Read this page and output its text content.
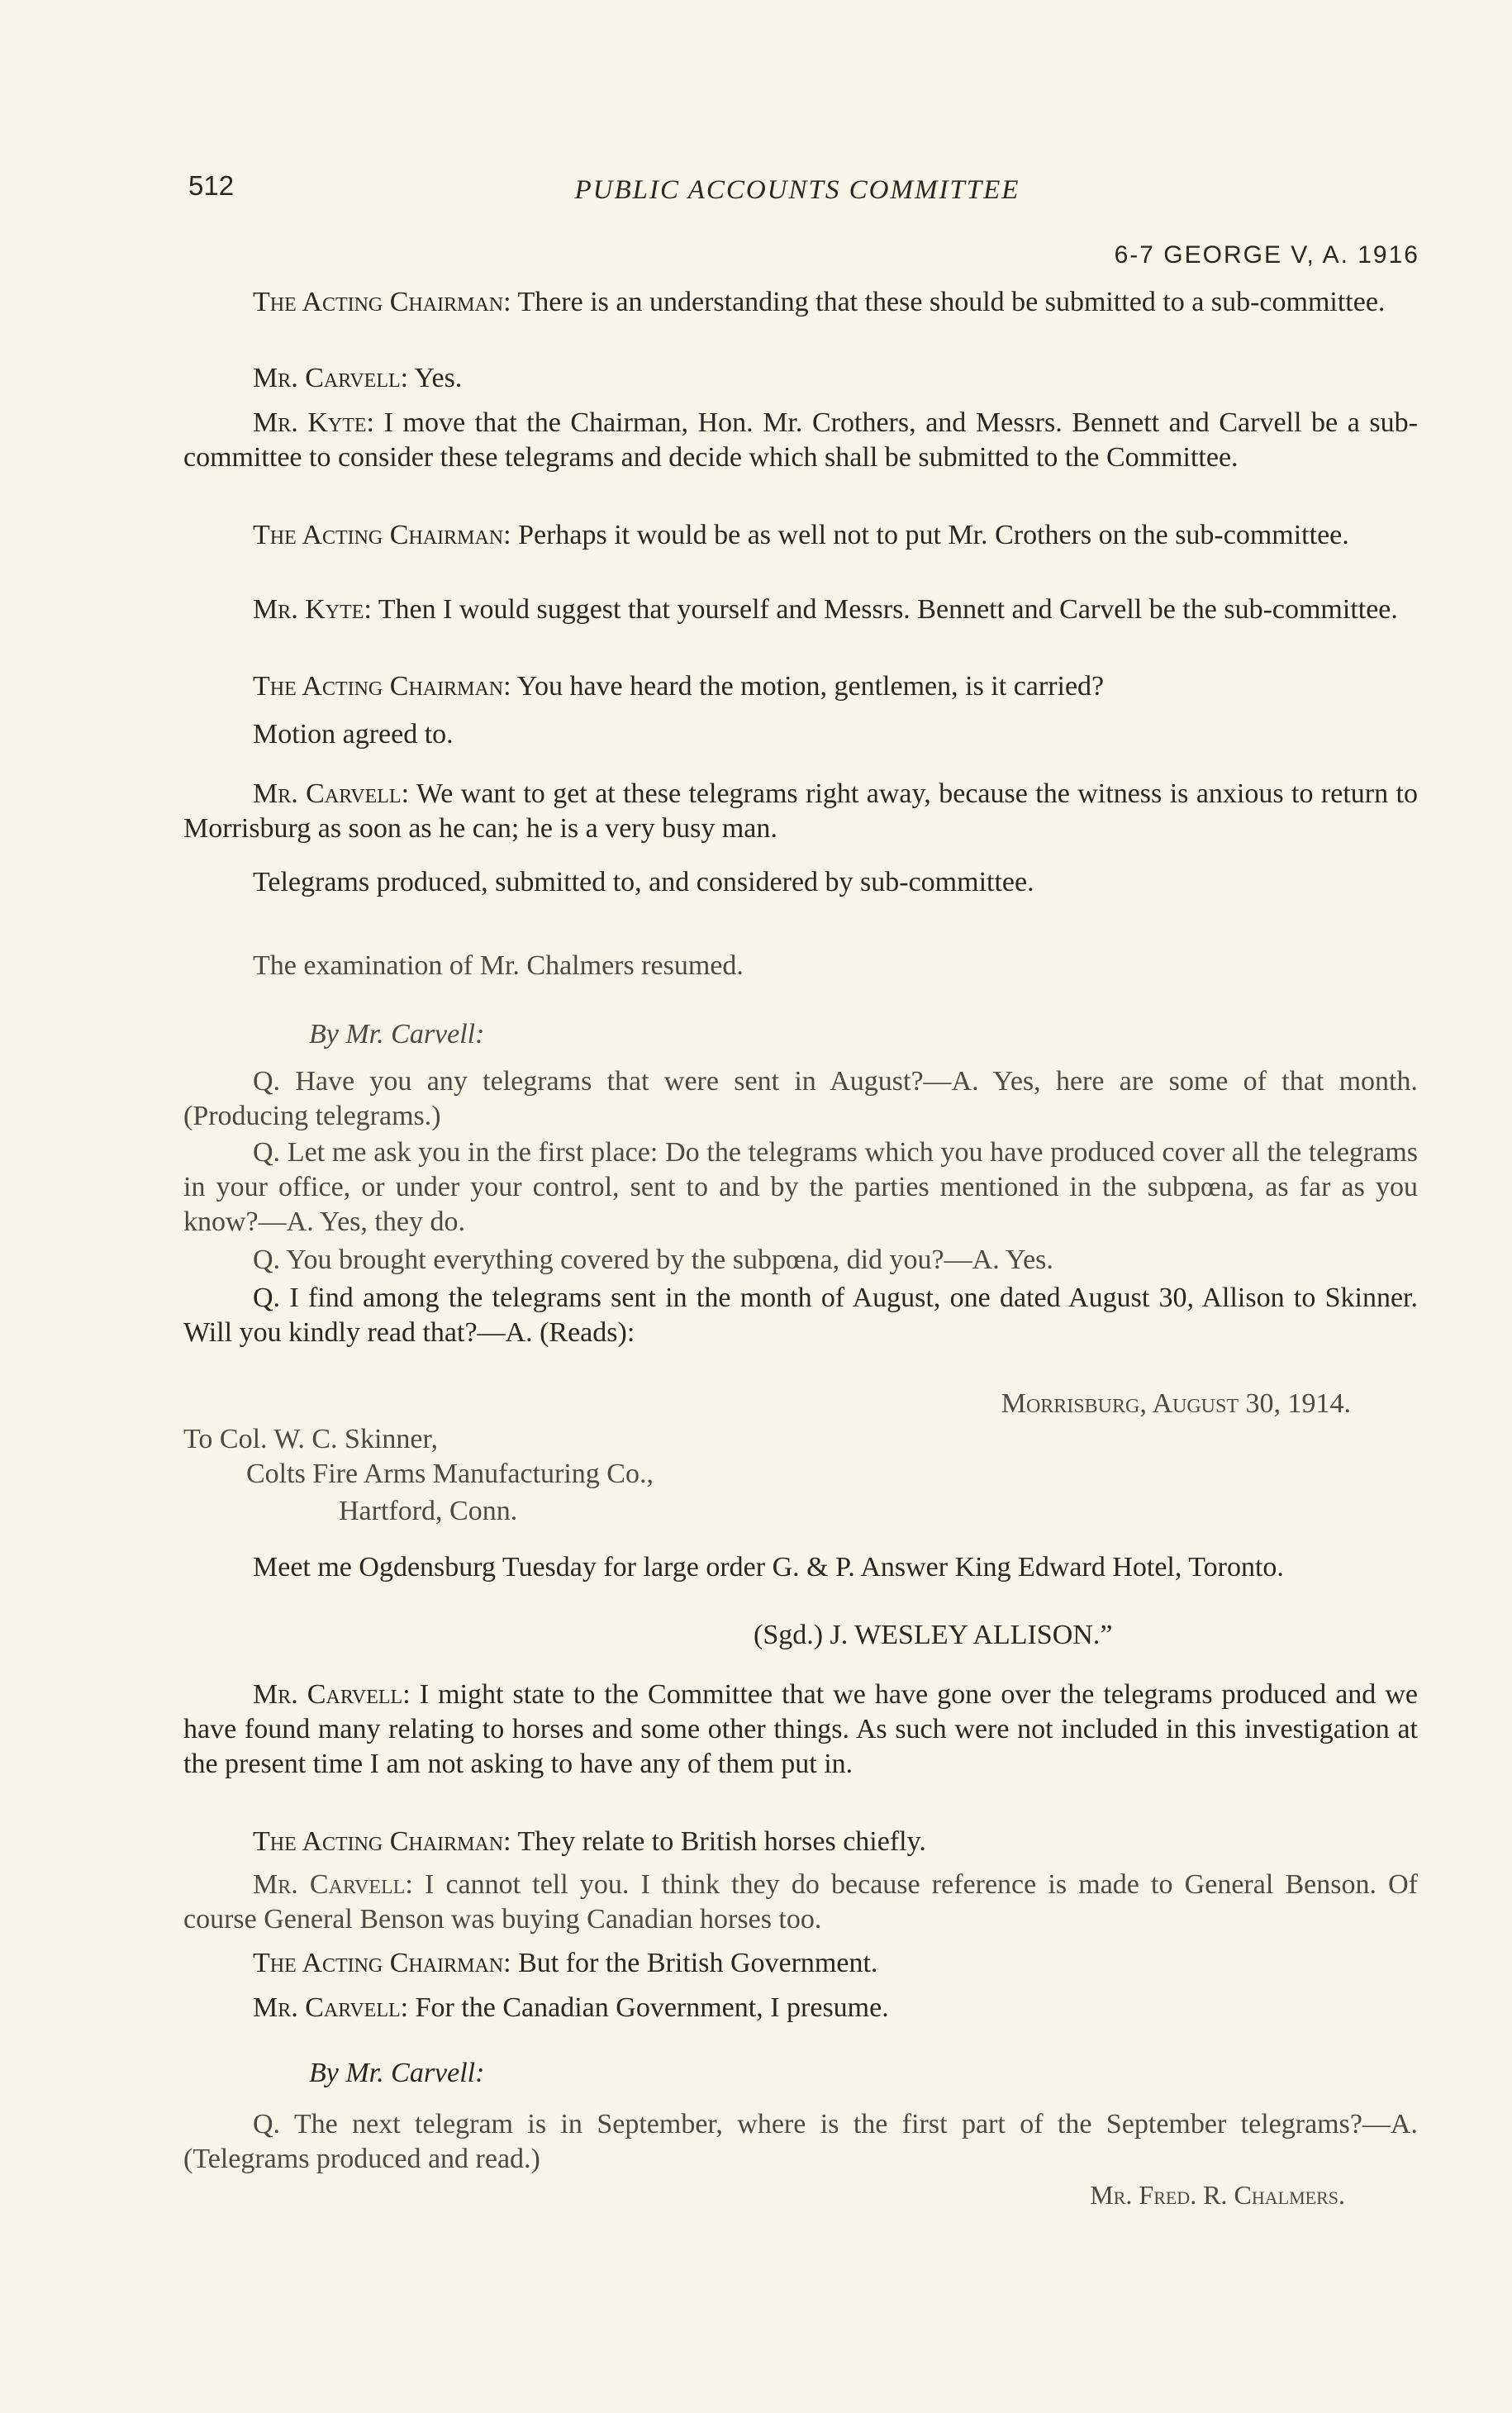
512	PUBLIC ACCOUNTS COMMITTEE
6-7 GEORGE V, A. 1916
The Acting Chairman: There is an understanding that these should be submitted to a sub-committee.
Mr. Carvell: Yes.
Mr. Kyte: I move that the Chairman, Hon. Mr. Crothers, and Messrs. Bennett and Carvell be a sub-committee to consider these telegrams and decide which shall be submitted to the Committee.
The Acting Chairman: Perhaps it would be as well not to put Mr. Crothers on the sub-committee.
Mr. Kyte: Then I would suggest that yourself and Messrs. Bennett and Carvell be the sub-committee.
The Acting Chairman: You have heard the motion, gentlemen, is it carried?
Motion agreed to.
Mr. Carvell: We want to get at these telegrams right away, because the witness is anxious to return to Morrisburg as soon as he can; he is a very busy man.
Telegrams produced, submitted to, and considered by sub-committee.
The examination of Mr. Chalmers resumed.
By Mr. Carvell:
Q. Have you any telegrams that were sent in August?—A. Yes, here are some of that month. (Producing telegrams.)
Q. Let me ask you in the first place: Do the telegrams which you have produced cover all the telegrams in your office, or under your control, sent to and by the parties mentioned in the subpœna, as far as you know?—A. Yes, they do.
Q. You brought everything covered by the subpœna, did you?—A. Yes.
Q. I find among the telegrams sent in the month of August, one dated August 30, Allison to Skinner. Will you kindly read that?—A. (Reads):
Morrisburg, August 30, 1914.
To Col. W. C. Skinner,
Colts Fire Arms Manufacturing Co.,
Hartford, Conn.
Meet me Ogdensburg Tuesday for large order G. & P. Answer King Edward Hotel, Toronto.
(Sgd.) J. WESLEY ALLISON.”
Mr. Carvell: I might state to the Committee that we have gone over the telegrams produced and we have found many relating to horses and some other things. As such were not included in this investigation at the present time I am not asking to have any of them put in.
The Acting Chairman: They relate to British horses chiefly.
Mr. Carvell: I cannot tell you. I think they do because reference is made to General Benson. Of course General Benson was buying Canadian horses too.
The Acting Chairman: But for the British Government.
Mr. Carvell: For the Canadian Government, I presume.
By Mr. Carvell:
Q. The next telegram is in September, where is the first part of the September telegrams?—A. (Telegrams produced and read.)
Mr. Fred. R. Chalmers.
